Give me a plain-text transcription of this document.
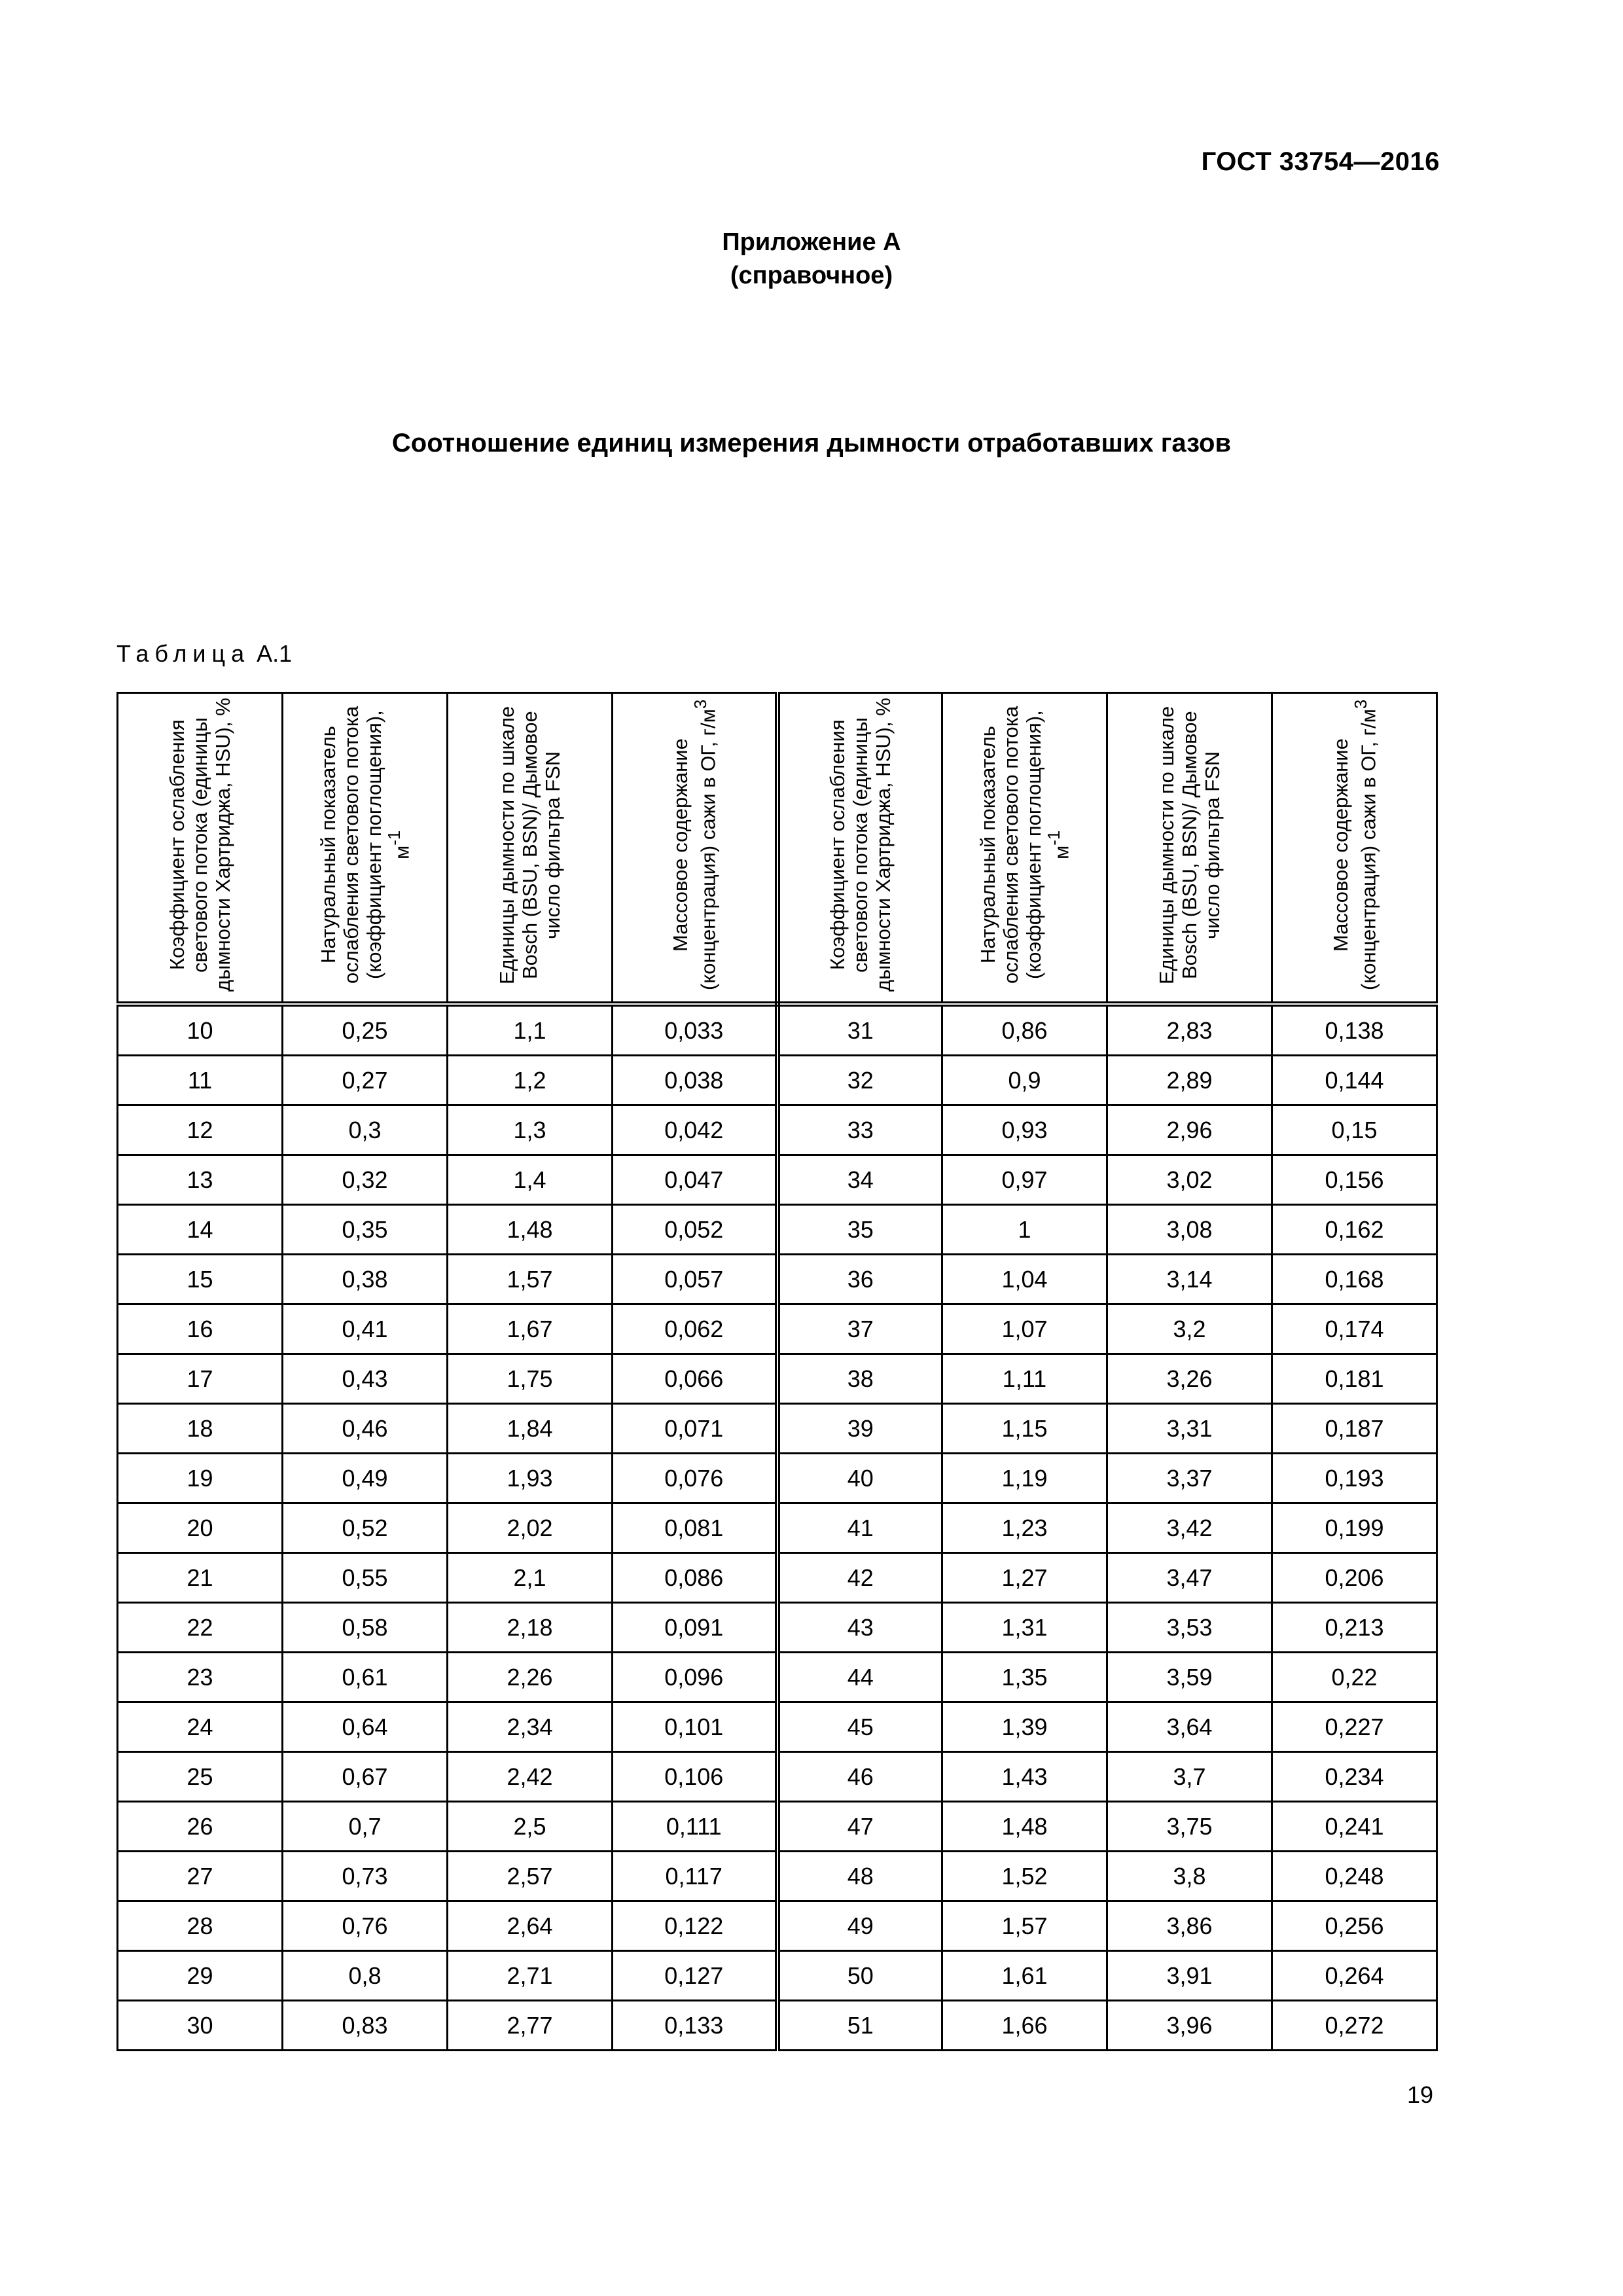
ГОСТ 33754—2016
Приложение А
(справочное)
Соотношение единиц измерения дымности отработавших газов
Таблица А.1
Коэффициент ослабления светового потока (единицы дымности Хартриджа, HSU), %	Натуральный показатель ослабления светового потока (коэффициент поглощения), $м^{-1}$	Единицы дымности по шкале Bosch (BSU, BSN)/ Дымовое число фильтра FSN	Массовое содержание (концентрация) сажи в ОГ, $г/м^3$	Коэффициент ослабления светового потока (единицы дымности Хартриджа, HSU), %	Натуральный показатель ослабления светового потока (коэффициент поглощения), $м^{-1}$	Единицы дымности по шкале Bosch (BSU, BSN)/ Дымовое число фильтра FSN	Массовое содержание (концентрация) сажи в ОГ, $г/м^3$
10	0,25	1,1	0,033	31	0,86	2,83	0,138
11	0,27	1,2	0,038	32	0,9	2,89	0,144
12	0,3	1,3	0,042	33	0,93	2,96	0,15
13	0,32	1,4	0,047	34	0,97	3,02	0,156
14	0,35	1,48	0,052	35	1	3,08	0,162
15	0,38	1,57	0,057	36	1,04	3,14	0,168
16	0,41	1,67	0,062	37	1,07	3,2	0,174
17	0,43	1,75	0,066	38	1,11	3,26	0,181
18	0,46	1,84	0,071	39	1,15	3,31	0,187
19	0,49	1,93	0,076	40	1,19	3,37	0,193
20	0,52	2,02	0,081	41	1,23	3,42	0,199
21	0,55	2,1	0,086	42	1,27	3,47	0,206
22	0,58	2,18	0,091	43	1,31	3,53	0,213
23	0,61	2,26	0,096	44	1,35	3,59	0,22
24	0,64	2,34	0,101	45	1,39	3,64	0,227
25	0,67	2,42	0,106	46	1,43	3,7	0,234
26	0,7	2,5	0,111	47	1,48	3,75	0,241
27	0,73	2,57	0,117	48	1,52	3,8	0,248
28	0,76	2,64	0,122	49	1,57	3,86	0,256
29	0,8	2,71	0,127	50	1,61	3,91	0,264
30	0,83	2,77	0,133	51	1,66	3,96	0,272
19
